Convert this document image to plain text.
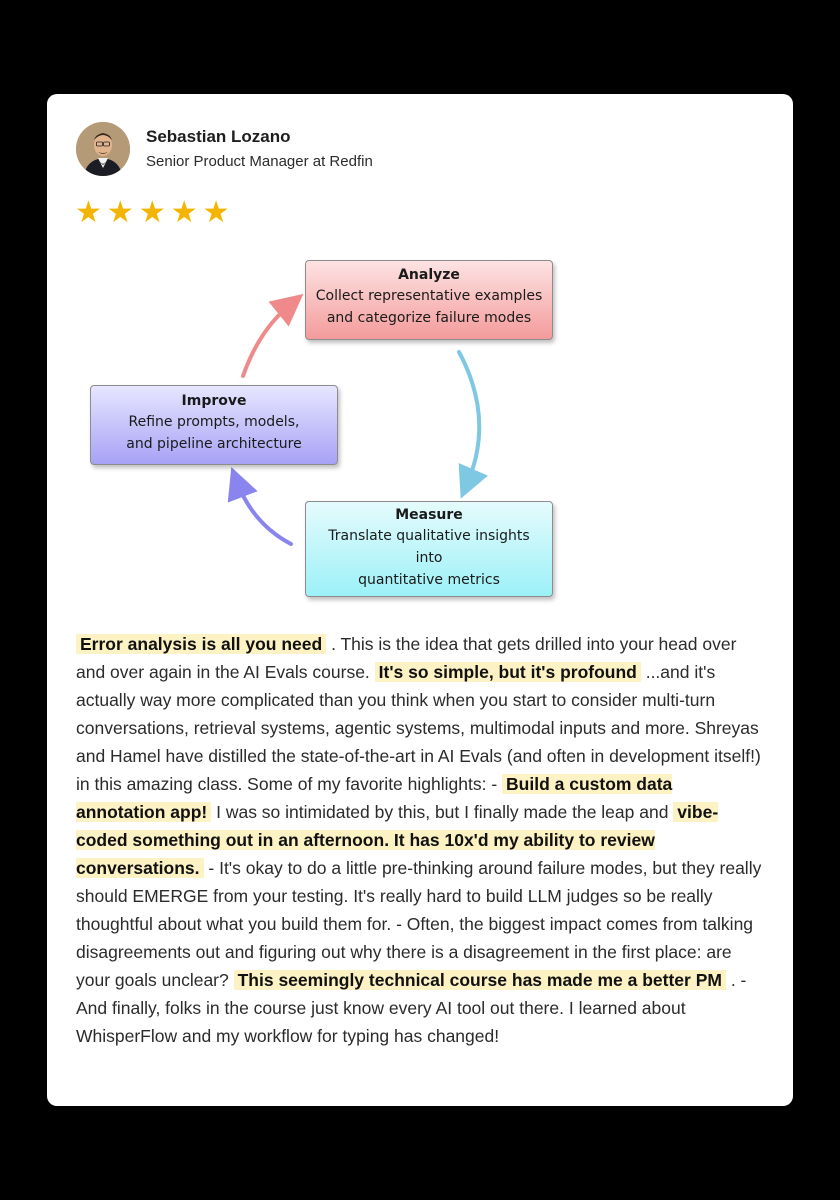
Sebastian Lozano
Senior Product Manager at Redfin
★ ★ ★ ★ ★
Analyze
Collect representative examples
and categorize failure modes
Improve
Refine prompts, models,
and pipeline architecture
Measure
Translate qualitative insights
into
quantitative metrics
Error analysis is all you need . This is the idea that gets drilled into your head over and over again in the AI Evals course. It's so simple, but it's profound ...and it's actually way more complicated than you think when you start to consider multi-turn conversations, retrieval systems, agentic systems, multimodal inputs and more. Shreyas and Hamel have distilled the state-of-the-art in AI Evals (and often in development itself!) in this amazing class. Some of my favorite highlights: - Build a custom data annotation app! I was so intimidated by this, but I finally made the leap and vibe-coded something out in an afternoon. It has 10x'd my ability to review conversations. - It's okay to do a little pre-thinking around failure modes, but they really should EMERGE from your testing. It's really hard to build LLM judges so be really thoughtful about what you build them for. - Often, the biggest impact comes from talking disagreements out and figuring out why there is a disagreement in the first place: are your goals unclear? This seemingly technical course has made me a better PM . - And finally, folks in the course just know every AI tool out there. I learned about WhisperFlow and my workflow for typing has changed!
